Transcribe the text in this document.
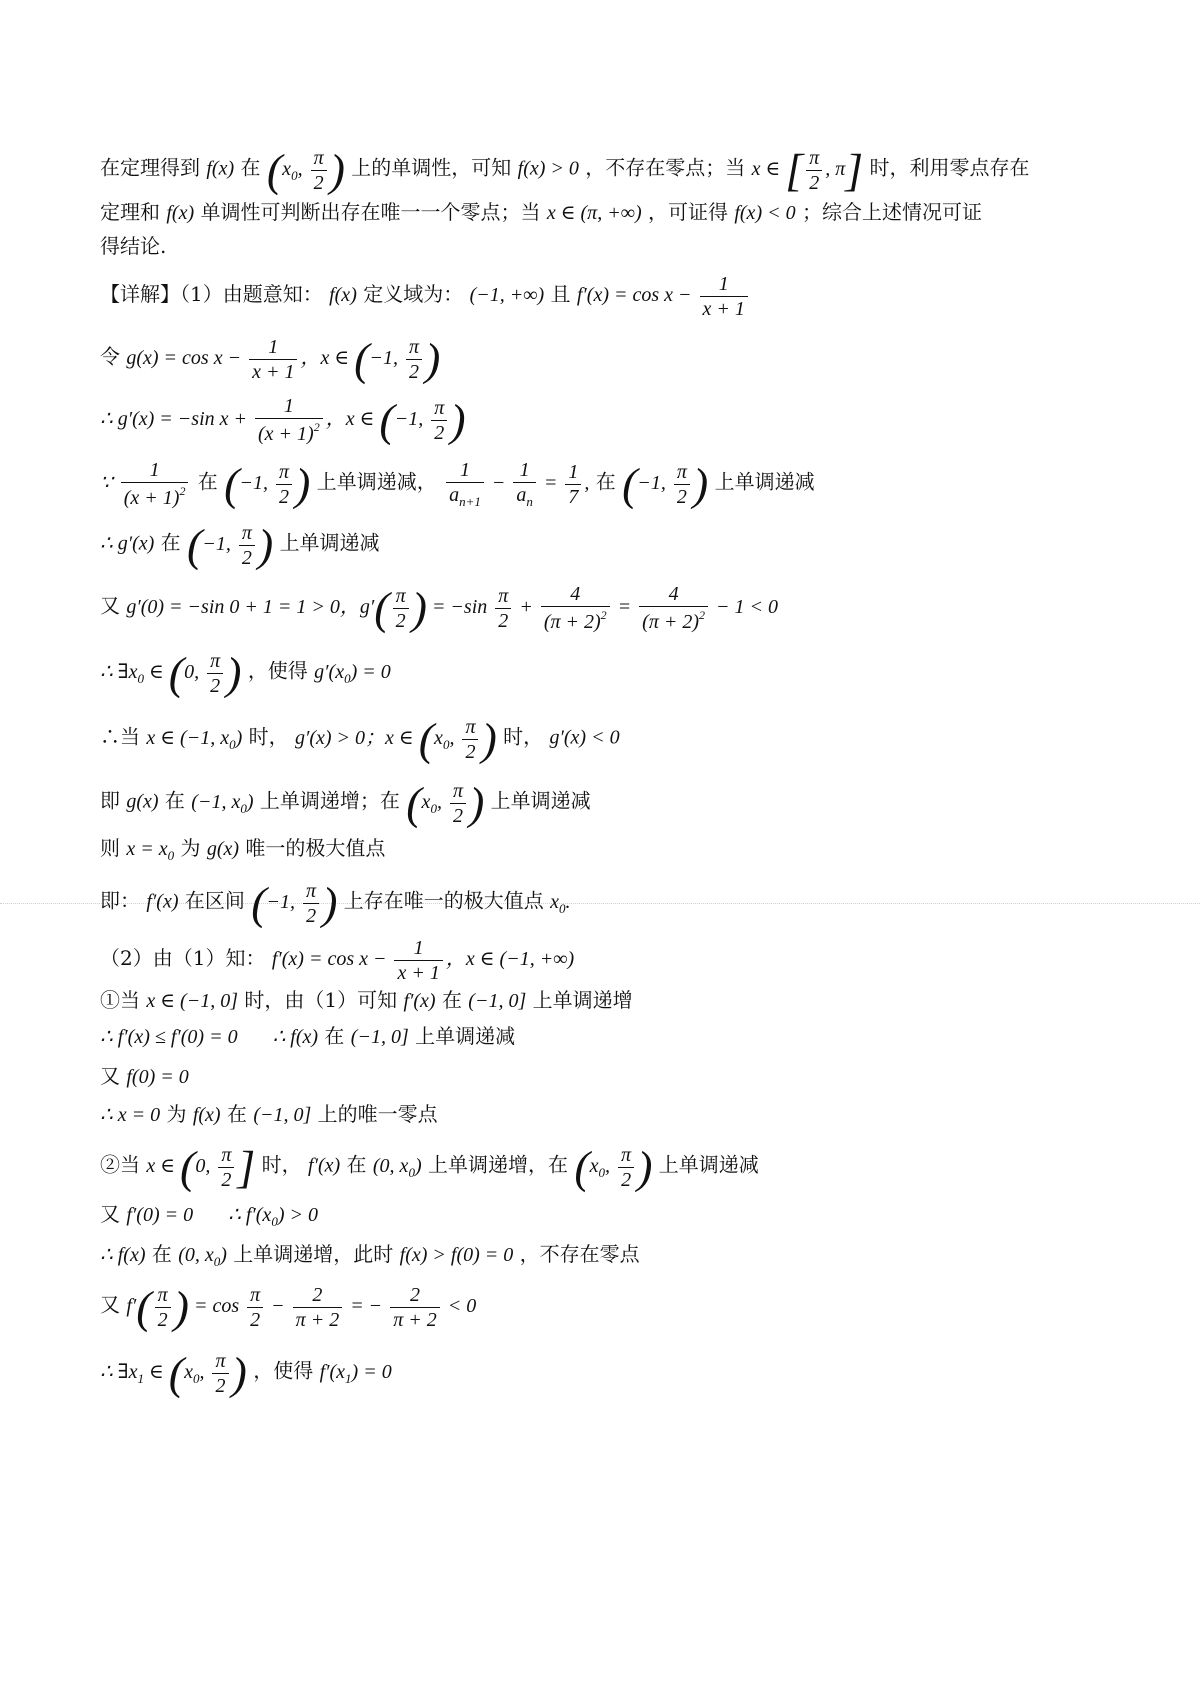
在定理得到 f(x) 在 ($x_0$, $\frac{\pi}{2}$ ) 上的单调性，可知 f(x) > 0 ，不存在零点；当 x ∈ [ $\frac{\pi}{2}$ , π] 时，利用零点存在
定理和 f(x) 单调性可判断出存在唯一一个零点；当 x ∈ (π, +∞) ，可证得 f(x) < 0 ；综合上述情况可证
得结论.
【详解】（1）由题意知： f(x) 定义域为： (−1, +∞) 且 $f'(x) = \cos x - \frac{1}{x + 1}$
令 $g(x) = \cos x - \frac{1}{x + 1}$ ，x ∈ (−1, $\frac{\pi}{2}$ )
∴ g′(x) = −sin $x + \frac{1}{(x + 1)^2}$ ，x ∈ (−1, $\frac{\pi}{2}$ )
∵ $\frac{1}{(x + 1)^2}$ 在 (−1, $\frac{\pi}{2}$ ) 上单调递减， $\frac{1}{a_{n+1}} - \frac{1}{a_n} = \frac{1}{7}$ , 在 (−1, $\frac{\pi}{2}$ ) 上单调递减
∴ g′(x) 在 (−1, $\frac{\pi}{2}$ ) 上单调递减
又 g′(0) = −sin 0 + 1 = 1 > 0，$g'( \frac{\pi}{2}$ ) = $-\sin \frac{\pi}{2} + \frac{4}{(\pi + 2)^2} = \frac{4}{(\pi + 2)^2} - 1 < 0$
∴ $\exists x_0$ ∈ (0, $\frac{\pi}{2}$ ) ，使得 $g'(x_0) = 0$
∴当 x ∈ (−1, $x_0$) 时， g′(x) > 0；x ∈ ($x_0$, $\frac{\pi}{2}$ ) 时， g′(x) < 0
即 g(x) 在 (−1, $x_0$) 上单调递增；在 ($x_0$, $\frac{\pi}{2}$ ) 上单调递减
则 $x = x_0$ 为 g(x) 唯一的极大值点
即： f′(x) 在区间 (−1, $\frac{\pi}{2}$ ) 上存在唯一的极大值点 $x_0$.
（2）由（1）知： $f'(x) = \cos x - \frac{1}{x + 1}$ ，x ∈ (−1, +∞)
①当 x ∈ (−1, 0] 时，由（1）可知 f′(x) 在 (−1, 0] 上单调递增
∴ f′(x) ≤ f′(0) = 0       ∴ f(x) 在 (−1, 0] 上单调递减
又 f(0) = 0
∴ x = 0 为 f(x) 在 (−1, 0] 上的唯一零点
②当 x ∈ (0, $\frac{\pi}{2}$ ] 时， f′(x) 在 (0, $x_0$) 上单调递增，在 ($x_0$, $\frac{\pi}{2}$ ) 上单调递减
又 f′(0) = 0       ∴ $f'(x_0) > 0$
∴ f(x) 在 (0, $x_0$) 上单调递增，此时 f(x) > f(0) = 0 ，不存在零点
又 $f'( \frac{\pi}{2}$ ) = $\cos \frac{\pi}{2} - \frac{2}{\pi + 2}$ = − $\frac{2}{\pi + 2} < 0$
∴ $\exists x_1$ ∈ ($x_0$, $\frac{\pi}{2}$ ) ，使得 $f'(x_1) = 0$
